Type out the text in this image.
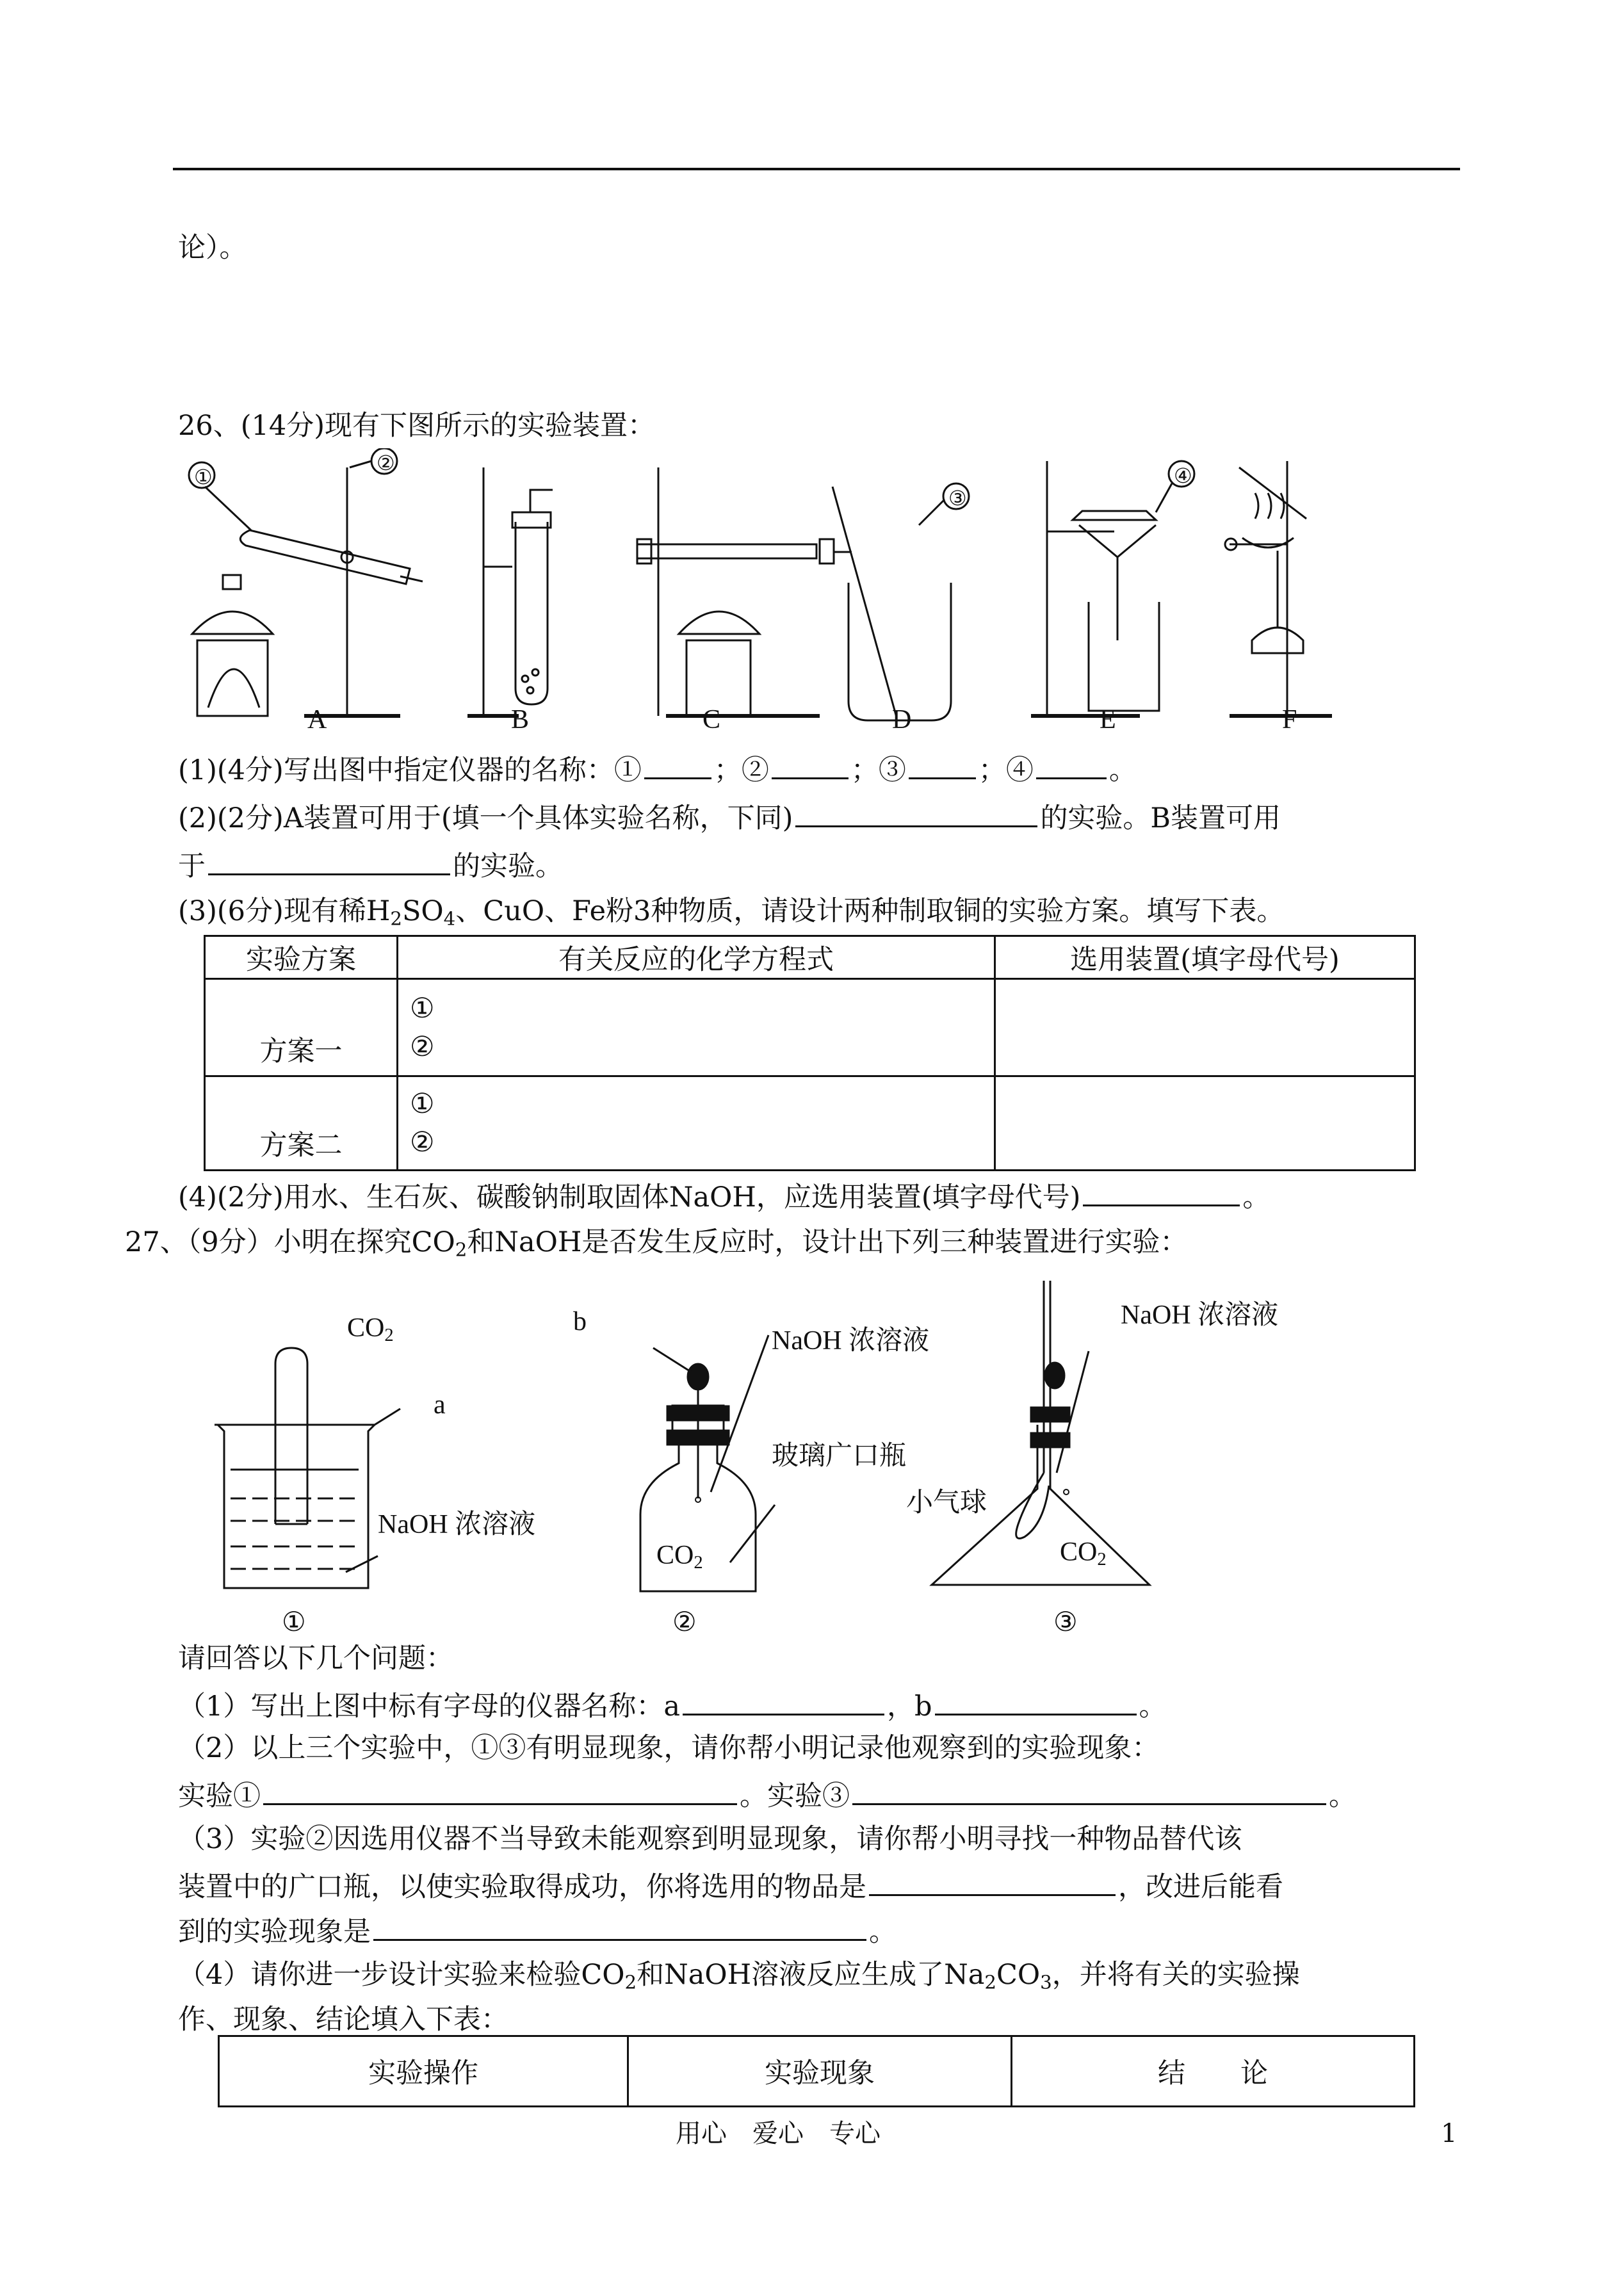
论）。
26、(14分)现有下图所示的实验装置：
①
②
③
④
A	B	C	D	E	F
(1)(4分)写出图中指定仪器的名称：①	；②	；③	；④	。
(2)(2分)A装置可用于(填一个具体实验名称，下同)	的实验。B装置可用
于	的实验。
(3)(6分)现有稀$H_2SO_4$、CuO、Fe粉3种物质，请设计两种制取铜的实验方案。填写下表。
实验方案	有关反应的化学方程式	选用装置(填字母代号)
方案一	①
②	

方案二	①
②	

(4)(2分)用水、生石灰、碳酸钠制取固体NaOH，应选用装置(填字母代号)	。
27、（9分）小明在探究$CO_2$和NaOH是否发生反应时，设计出下列三种装置进行实验：
$CO_2$
a
NaOH 浓溶液
b
NaOH 浓溶液
玻璃广口瓶
$CO_2$
NaOH 浓溶液
小气球
$CO_2$
①	②	③
请回答以下几个问题：
（1）写出上图中标有字母的仪器名称：a	，b	。
（2）以上三个实验中，①③有明显现象，请你帮小明记录他观察到的实验现象：
实验①	。实验③	。
（3）实验②因选用仪器不当导致未能观察到明显现象，请你帮小明寻找一种物品替代该
装置中的广口瓶，以使实验取得成功，你将选用的物品是	，改进后能看
到的实验现象是	。
（4）请你进一步设计实验来检验$CO_2$和NaOH溶液反应生成了$Na_2CO_3$，并将有关的实验操
作、现象、结论填入下表：
实验操作	实验现象	结　　论
用心　爱心　专心	1
